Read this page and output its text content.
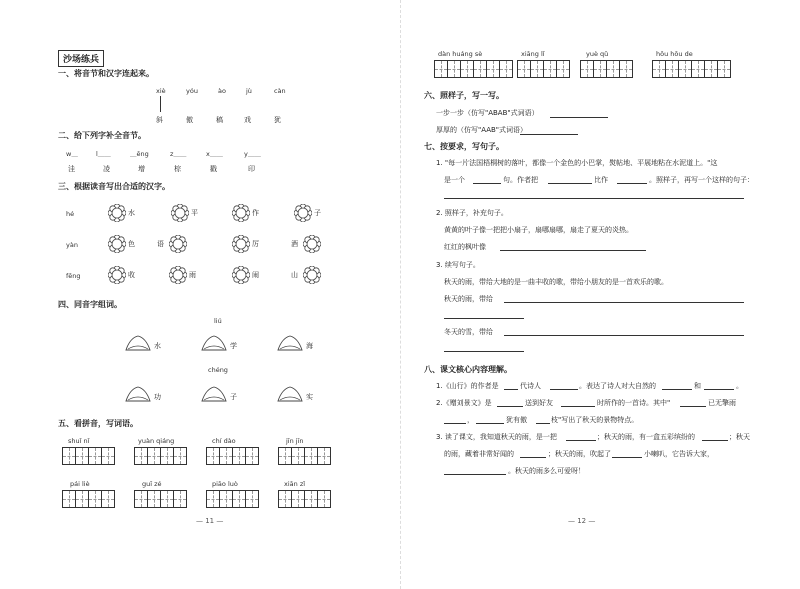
沙场练兵
一、将音节和汉字连起来。
xiè	yóu	ào	jù	càn
斜	傲	稿	戏	犹
二、给下列字补全音节。
w＿	l＿＿	＿ēng	z＿＿	x＿＿	y＿＿
洼	凌	增	棕	戳	印
三、根据读音写出合适的汉字。
hé	水	平	作	子
yàn	色	语	厉	酒
fēng	收	雨	闹	山
四、同音字组词。
liú
水	学	海
chéng
功	子	实
五、看拼音，写词语。
shuǐ nǐ	yuàn qiáng	chí dào	jīn jīn
pái liè	guī zé	piāo luò	xiān zǐ
— 11 —
dàn huáng sè	xiāng lǐ	yuè qǔ	hōu hōu de
六、照样子，写一写。
一步一步（仿写"ABAB"式词语）
厚厚的（仿写"AAB"式词语）
七、按要求，写句子。
1. "每一片法国梧桐树的落叶，都像一个金色的小巴掌，熨帖地、平展地粘在水泥道上。"这
是一个	句。作者把	比作	。照样子，再写一个这样的句子：
2. 照样子，补充句子。
黄黄的叶子像一把把小扇子，扇哪扇哪，扇走了夏天的炎热。
红红的枫叶像
3. 续写句子。
秋天的雨，带给大地的是一曲丰收的歌，带给小朋友的是一首欢乐的歌。
秋天的雨，带给
冬天的雪，带给
八、课文核心内容理解。
1.《山行》的作者是	代诗人	。表达了诗人对大自然的	和	。
2.《赠刘景文》是	送到好友	时所作的一首诗。其中"	已无擎雨
，	犹有傲	枝"写出了秋天的景物特点。
3. 读了课文，我知道秋天的雨，是一把	；秋天的雨，有一盒五彩缤纷的	；秋天
的雨，藏着非常好闻的	；秋天的雨，吹起了	小喇叭，它告诉大家，
。秋天的雨多么可爱呀！
— 12 —
